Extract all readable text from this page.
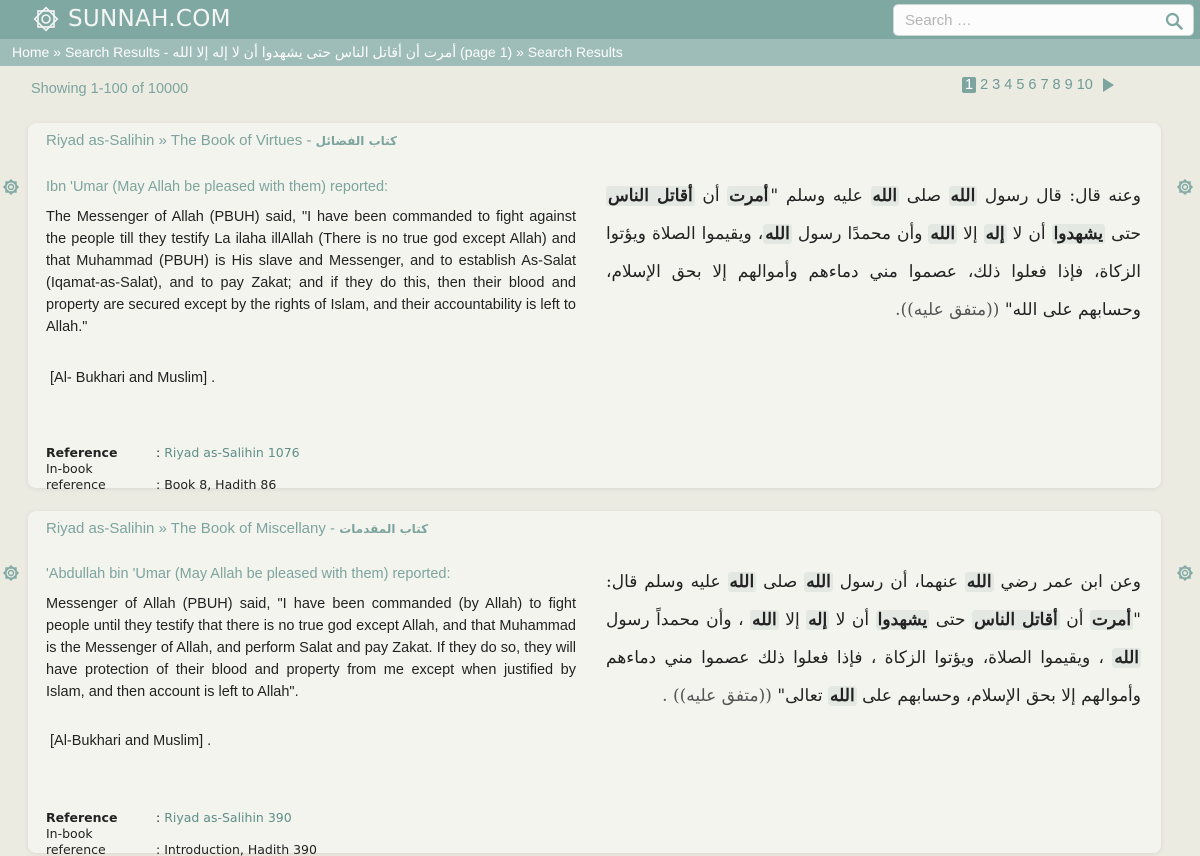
SUNNAH.COM
Search …
Home » Search Results - أمرت أن أقاتل الناس حتى يشهدوا أن لا إله إلا الله (page 1) » Search Results
Showing 1-100 of 10000	1 2 3 4 5 6 7 8 9 10
Riyad as-Salihin » The Book of Virtues - كتاب الفضائل
Ibn 'Umar (May Allah be pleased with them) reported:
The Messenger of Allah (PBUH) said, "I have been commanded to fight against the people till they testify La ilaha illAllah (There is no true god except Allah) and that Muhammad (PBUH) is His slave and Messenger, and to establish As-Salat (Iqamat-as-Salat), and to pay Zakat; and if they do this, then their blood and property are secured except by the rights of Islam, and their accountability is left to Allah."
[Al- Bukhari and Muslim] .
وعنه قال: قال رسول الله صلى الله عليه وسلم "أمرت أن أقاتل الناس حتى يشهدوا أن لا إله إلا الله وأن محمدًا رسول الله، ويقيموا الصلاة ويؤتوا الزكاة، فإذا فعلوا ذلك، عصموا مني دماءهم وأموالهم إلا بحق الإسلام، وحسابهم على الله" ((متفق عليه)).
Reference	: Riyad as-Salihin 1076
In-book reference	: Book 8, Hadith 86
Riyad as-Salihin » The Book of Miscellany - كتاب المقدمات
'Abdullah bin 'Umar (May Allah be pleased with them) reported:
Messenger of Allah (PBUH) said, "I have been commanded (by Allah) to fight people until they testify that there is no true god except Allah, and that Muhammad is the Messenger of Allah, and perform Salat and pay Zakat. If they do so, they will have protection of their blood and property from me except when justified by Islam, and then account is left to Allah".
[Al-Bukhari and Muslim] .
وعن ابن عمر رضي الله عنهما، أن رسول الله صلى الله عليه وسلم قال: "أمرت أن أقاتل الناس حتى يشهدوا أن لا إله إلا الله ، وأن محمداً رسول الله ، ويقيموا الصلاة، ويؤتوا الزكاة ، فإذا فعلوا ذلك عصموا مني دماءهم وأموالهم إلا بحق الإسلام، وحسابهم على الله تعالى" ((متفق عليه)) .
Reference	: Riyad as-Salihin 390
In-book reference	: Introduction, Hadith 390
